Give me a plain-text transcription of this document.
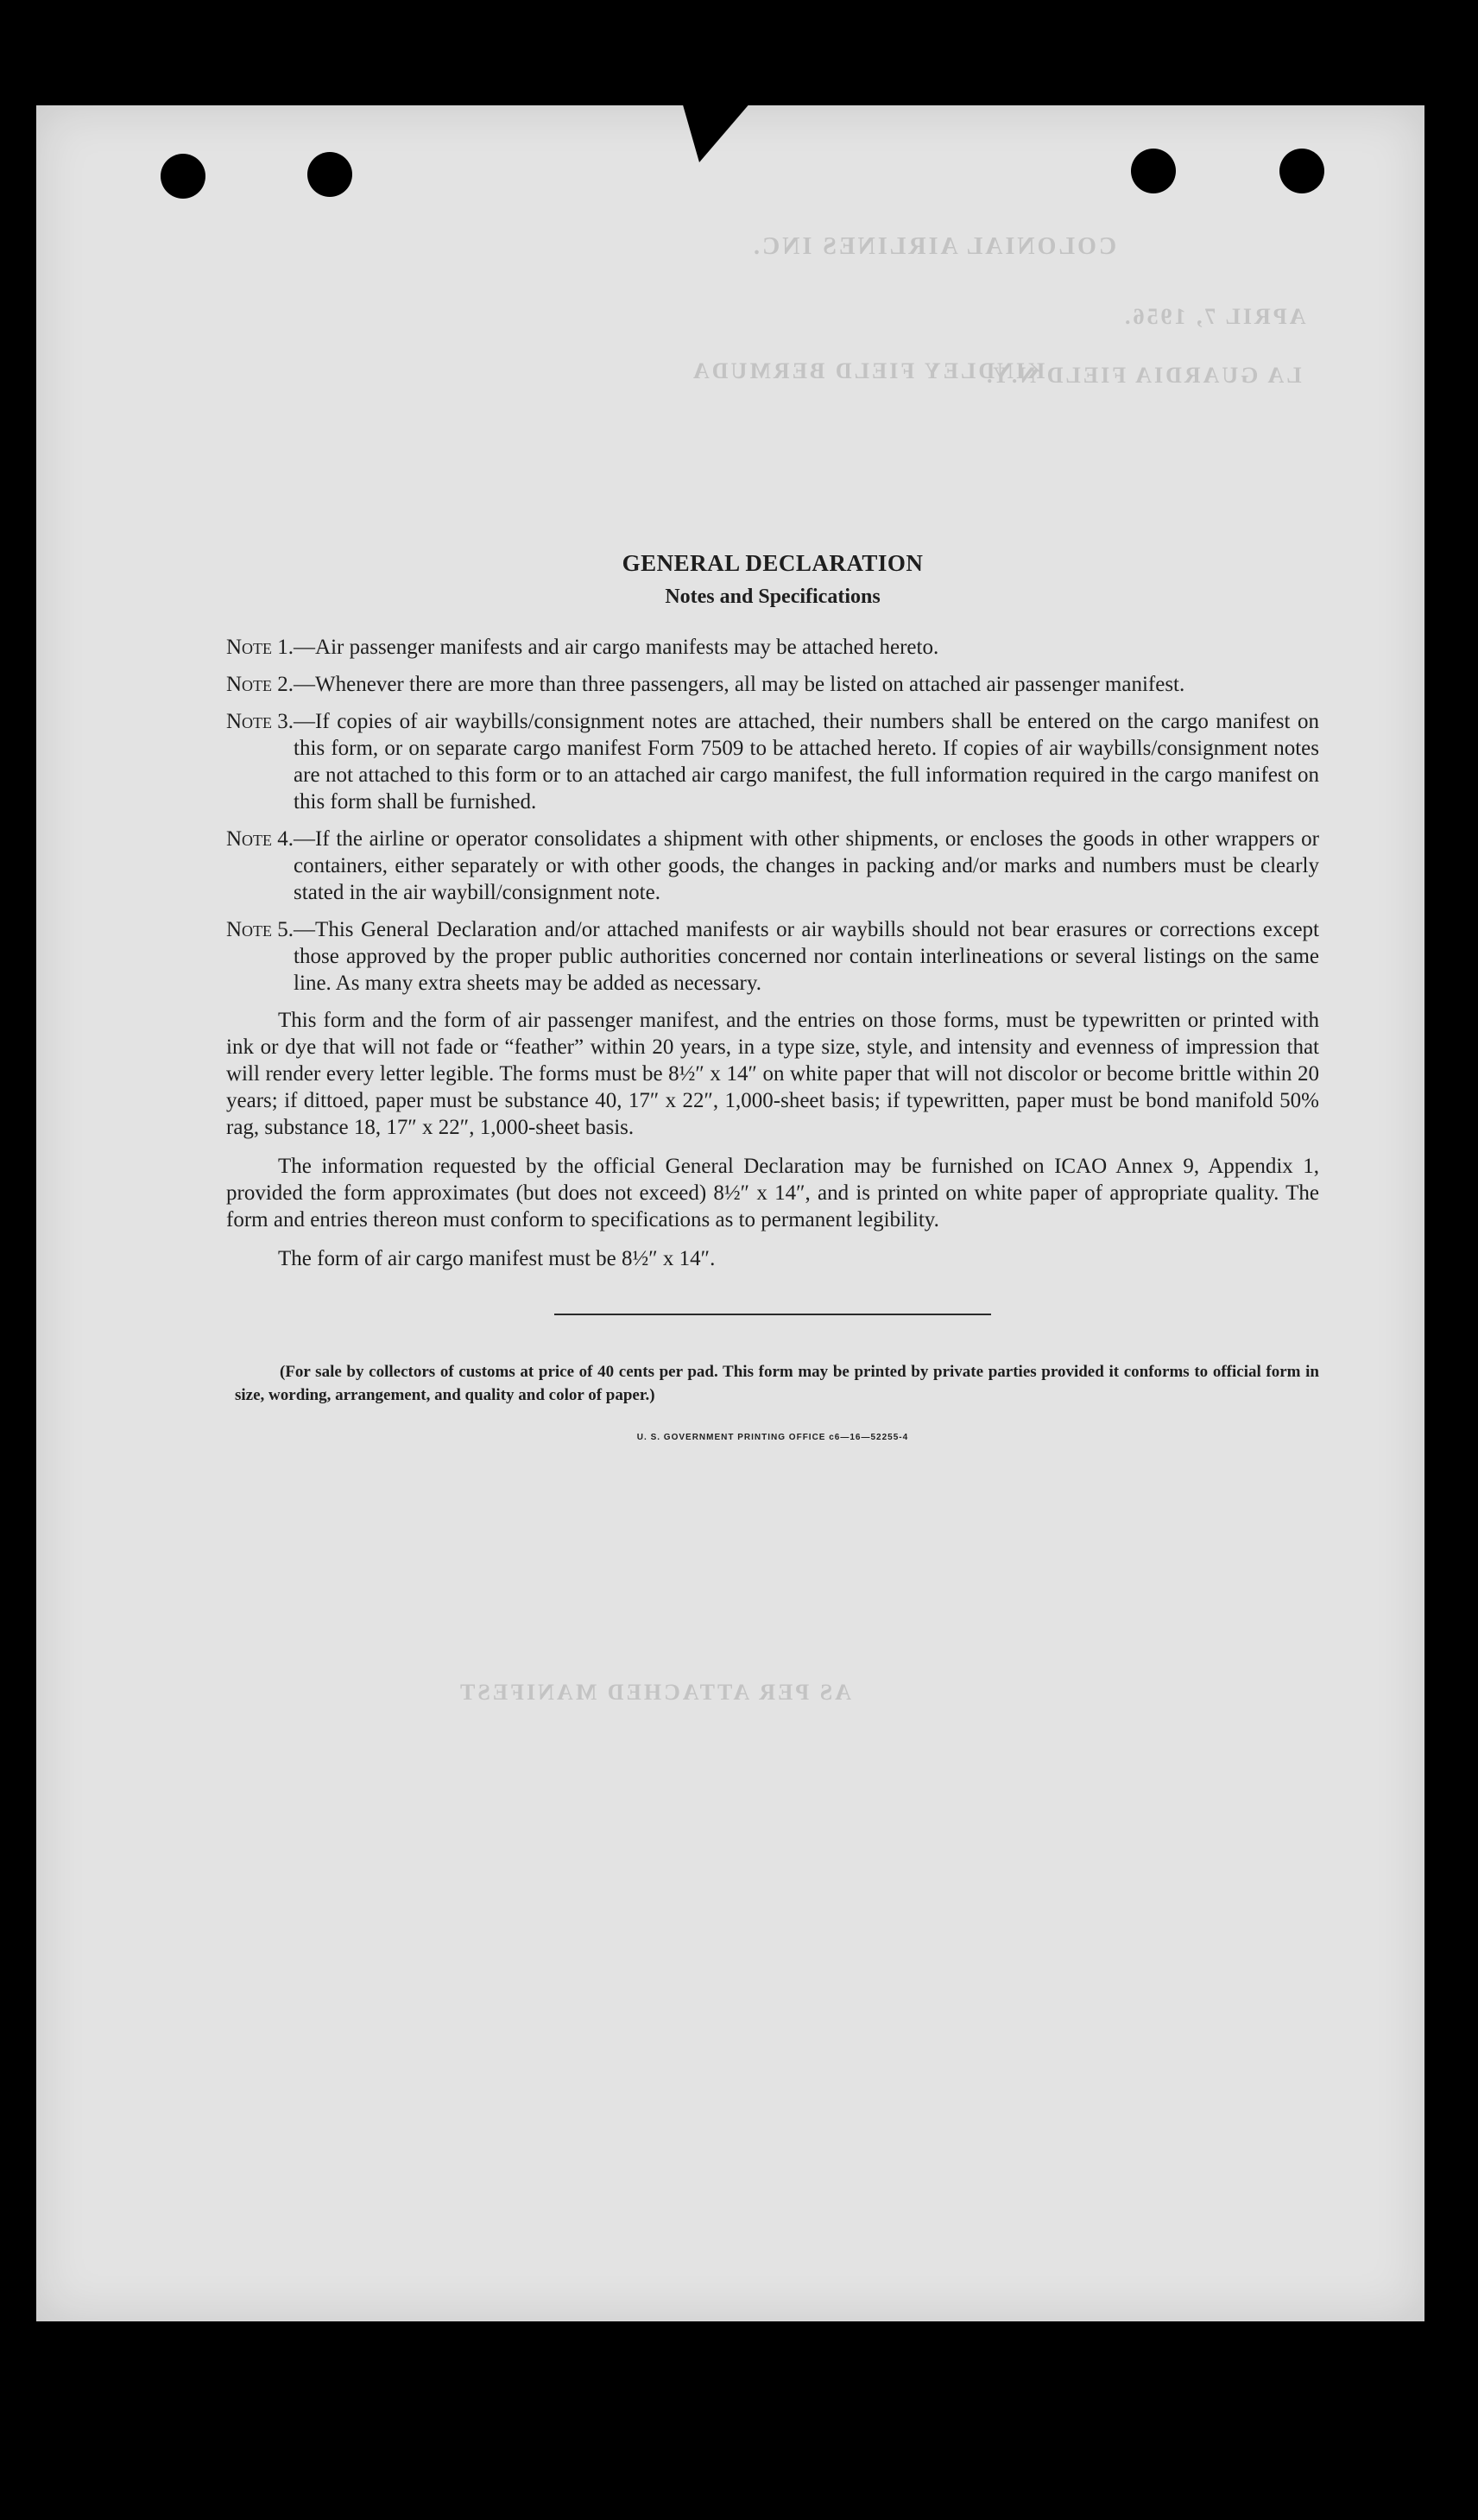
COLONIAL AIRLINES INC.
APRIL 7, 1956.
KINDLEY FIELD BERMUDA
LA GUARDIA FIELD N.Y.
AS PER ATTACHED MANIFEST
GENERAL DECLARATION
Notes and Specifications
Note 1. —Air passenger manifests and air cargo manifests may be attached hereto.
Note 2. —Whenever there are more than three passengers, all may be listed on attached air passenger manifest.
Note 3. —If copies of air waybills/consignment notes are attached, their numbers shall be entered on the cargo manifest on this form, or on separate cargo manifest Form 7509 to be attached hereto. If copies of air waybills/consignment notes are not attached to this form or to an attached air cargo manifest, the full information required in the cargo manifest on this form shall be furnished.
Note 4. —If the airline or operator consolidates a shipment with other shipments, or encloses the goods in other wrappers or containers, either separately or with other goods, the changes in packing and/or marks and numbers must be clearly stated in the air waybill/consignment note.
Note 5. —This General Declaration and/or attached manifests or air waybills should not bear erasures or corrections except those approved by the proper public authorities concerned nor contain interlineations or several listings on the same line. As many extra sheets may be added as necessary.

This form and the form of air passenger manifest, and the entries on those forms, must be typewritten or printed with ink or dye that will not fade or “feather” within 20 years, in a type size, style, and intensity and evenness of impression that will render every letter legible. The forms must be 8½″ x 14″ on white paper that will not discolor or become brittle within 20 years; if dittoed, paper must be substance 40, 17″ x 22″, 1,000-sheet basis; if typewritten, paper must be bond manifold 50% rag, substance 18, 17″ x 22″, 1,000-sheet basis.

The information requested by the official General Declaration may be furnished on ICAO Annex 9, Appendix 1, provided the form approximates (but does not exceed) 8½″ x 14″, and is printed on white paper of appropriate quality. The form and entries thereon must conform to specifications as to permanent legibility.

The form of air cargo manifest must be 8½″ x 14″.

(For sale by collectors of customs at price of 40 cents per pad. This form may be printed by private parties provided it conforms to official form in size, wording, arrangement, and quality and color of paper.)
U. S. GOVERNMENT PRINTING OFFICE c6—16—52255-4
